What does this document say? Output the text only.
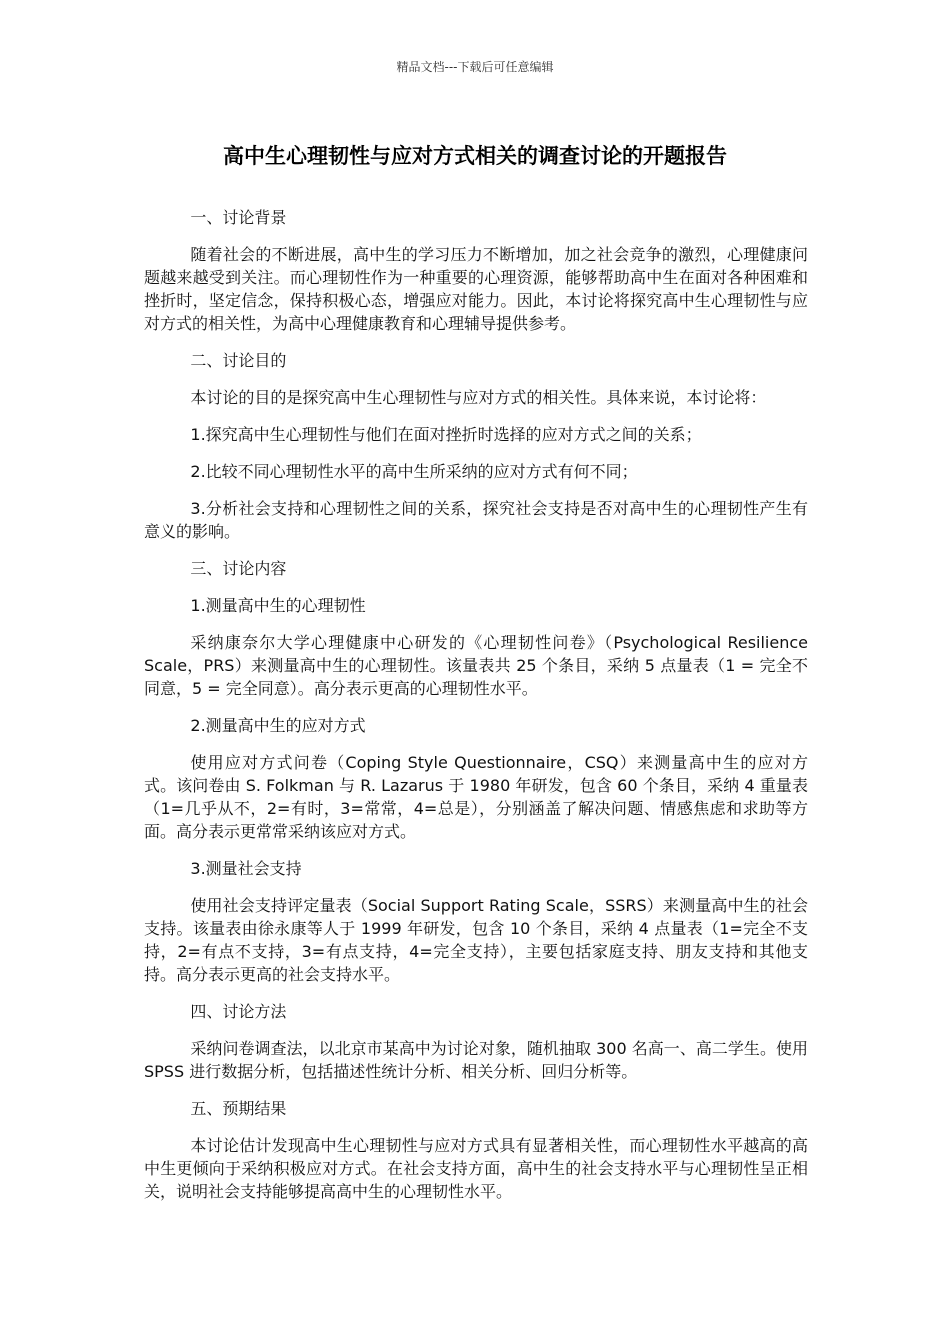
精品文档---下载后可任意编辑
高中生心理韧性与应对方式相关的调查讨论的开题报告

一、讨论背景

随着社会的不断进展，高中生的学习压力不断增加，加之社会竞争的激烈，心理健康问题越来越受到关注。而心理韧性作为一种重要的心理资源，能够帮助高中生在面对各种困难和挫折时，坚定信念，保持积极心态，增强应对能力。因此，本讨论将探究高中生心理韧性与应对方式的相关性，为高中心理健康教育和心理辅导提供参考。

二、讨论目的

本讨论的目的是探究高中生心理韧性与应对方式的相关性。具体来说，本讨论将：

1.探究高中生心理韧性与他们在面对挫折时选择的应对方式之间的关系；

2.比较不同心理韧性水平的高中生所采纳的应对方式有何不同；

3.分析社会支持和心理韧性之间的关系，探究社会支持是否对高中生的心理韧性产生有意义的影响。

三、讨论内容

1.测量高中生的心理韧性

采纳康奈尔大学心理健康中心研发的《心理韧性问卷》（Psychological Resilience Scale，PRS）来测量高中生的心理韧性。该量表共 25 个条目，采纳 5 点量表（1 = 完全不同意，5 = 完全同意）。高分表示更高的心理韧性水平。

2.测量高中生的应对方式

使用应对方式问卷（Coping Style Questionnaire，CSQ）来测量高中生的应对方式。该问卷由 S. Folkman 与 R. Lazarus 于 1980 年研发，包含 60 个条目，采纳 4 重量表（1=几乎从不，2=有时，3=常常，4=总是），分别涵盖了解决问题、情感焦虑和求助等方面。高分表示更常常采纳该应对方式。

3.测量社会支持

使用社会支持评定量表（Social Support Rating Scale，SSRS）来测量高中生的社会支持。该量表由徐永康等人于 1999 年研发，包含 10 个条目，采纳 4 点量表（1=完全不支持，2=有点不支持，3=有点支持，4=完全支持），主要包括家庭支持、朋友支持和其他支持。高分表示更高的社会支持水平。

四、讨论方法

采纳问卷调查法，以北京市某高中为讨论对象，随机抽取 300 名高一、高二学生。使用 SPSS 进行数据分析，包括描述性统计分析、相关分析、回归分析等。

五、预期结果

本讨论估计发现高中生心理韧性与应对方式具有显著相关性，而心理韧性水平越高的高中生更倾向于采纳积极应对方式。在社会支持方面，高中生的社会支持水平与心理韧性呈正相关，说明社会支持能够提高高中生的心理韧性水平。
